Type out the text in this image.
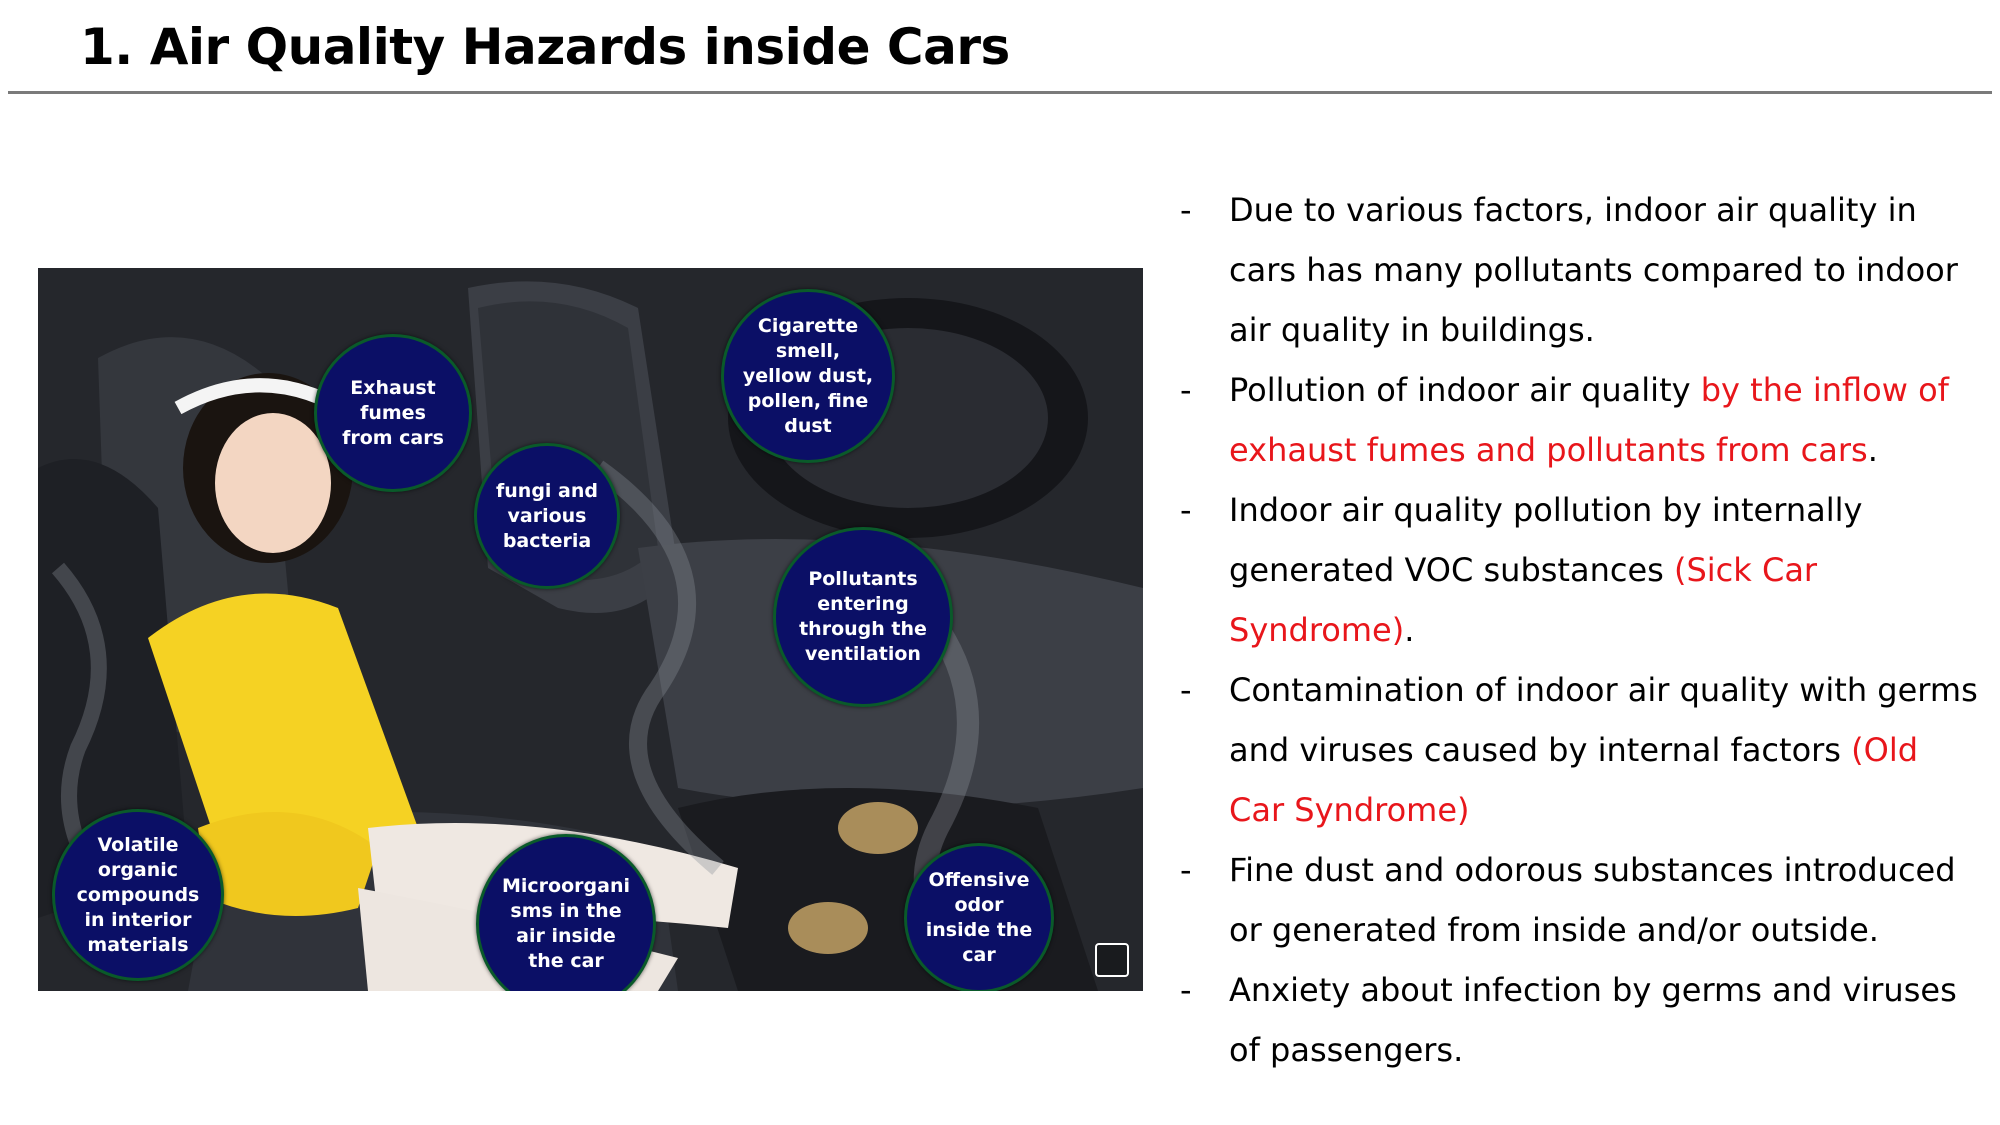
1. Air Quality Hazards inside Cars
Exhaust
fumes
from cars
fungi and
various
bacteria
Cigarette
smell,
yellow dust,
pollen, fine
dust
Pollutants
entering
through the
ventilation
Volatile
organic
compounds
in interior
materials
Microorgani
sms in the
air inside
the car
Offensive
odor
inside the
car
- Due to various factors, indoor air quality in cars has many pollutants compared to indoor air quality in buildings.
- Pollution of indoor air quality by the inflow of exhaust fumes and pollutants from cars.
- Indoor air quality pollution by internally generated VOC substances (Sick Car Syndrome).
- Contamination of indoor air quality with germs and viruses caused by internal factors (Old Car Syndrome)
- Fine dust and odorous substances introduced or generated from inside and/or outside.
- Anxiety about infection by germs and viruses of passengers.
